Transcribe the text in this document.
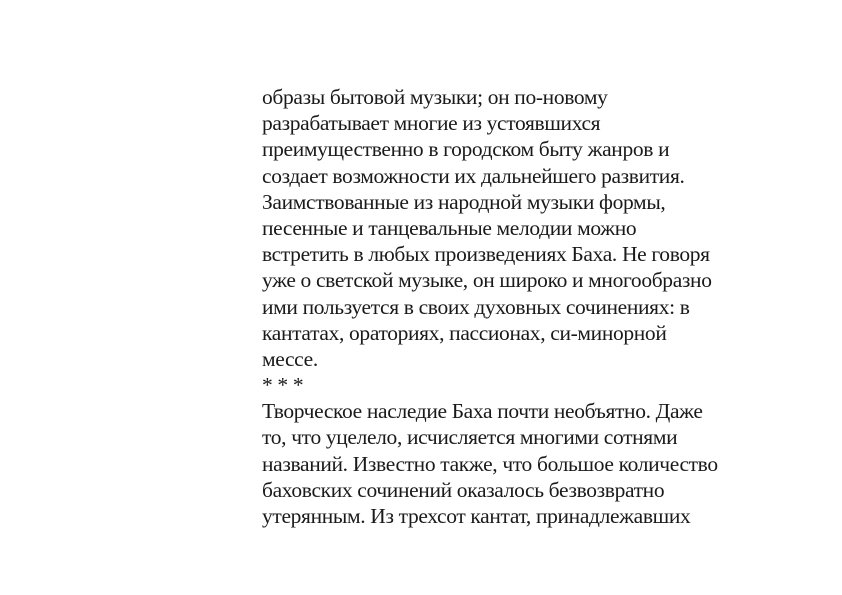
образы бытовой музыки; он по-новому
разрабатывает многие из устоявшихся
преимущественно в городском быту жанров и
создает возможности их дальнейшего развития.
Заимствованные из народной музыки формы,
песенные и танцевальные мелодии можно
встретить в любых произведениях Баха. Не говоря
уже о светской музыке, он широко и многообразно
ими пользуется в своих духовных сочинениях: в
кантатах, ораториях, пассионах, си-минорной
мессе.
* * *
Творческое наследие Баха почти необъятно. Даже
то, что уцелело, исчисляется многими сотнями
названий. Известно также, что большое количество
баховских сочинений оказалось безвозвратно
утерянным. Из трехсот кантат, принадлежавших
